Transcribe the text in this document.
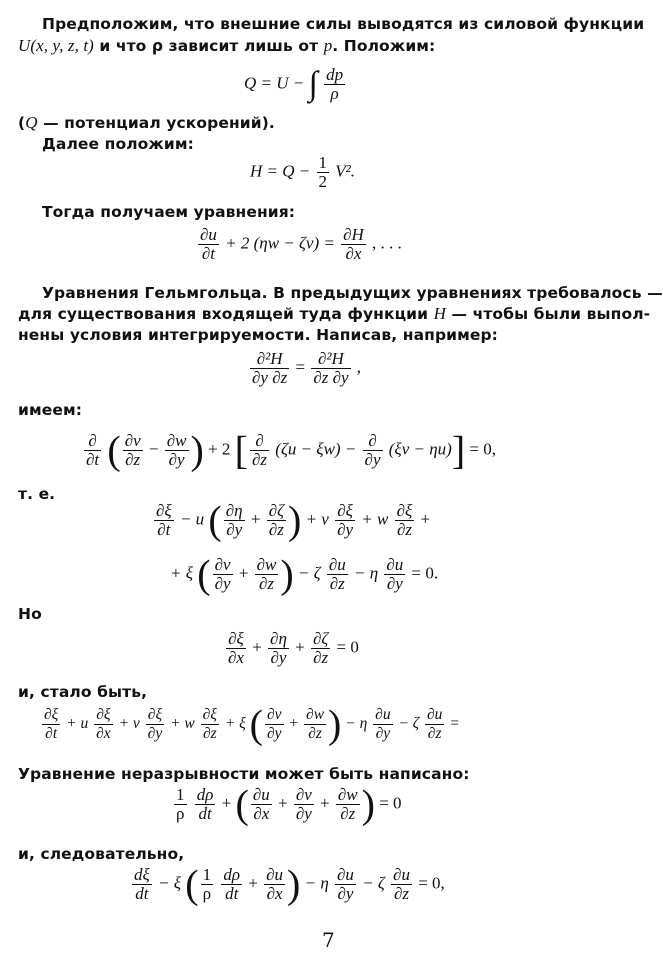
Предположим, что внешние силы выводятся из силовой функции
U(x, y, z, t) и что ρ зависит лишь от p. Положим:
Q = U − ∫ $\frac{dp}{\rho}$
(Q — потенциал ускорений).
Далее положим:
$H = Q - \frac{1}{2} V^2$.
Тогда получаем уравнения:
$\frac{\partial u}{\partial t} + 2$ $(\eta w - \zeta v) = \frac{\partial H}{\partial x}$ , . . .
Уравнения Гельмгольца. В предыдущих уравнениях требовалось —
для существования входящей туда функции H — чтобы были выпол-
нены условия интегрируемости. Написав, например:
$\frac{\text{∂²H}}{\partial y \partial z} = \frac{\text{∂²H}}{\partial z \partial y}$ ,
имеем:
$\frac{\partial}{\partial t}$ ( $\frac{\partial v}{\partial z} - \frac{\partial w}{\partial y}$ ) + 2 [ $\frac{\partial}{\partial z} (\zeta u - \xi w) - \frac{\partial}{\partial y} (\xi v - \eta u)] = 0$,
т. е.
$\frac{\partial\xi}{\partial t} - u$ ( $\frac{\partial\eta}{\partial y} + \frac{\partial\zeta}{\partial z}$ ) + v $\frac{\partial\xi}{\partial y} + w \frac{\partial\xi}{\partial z}$ +
+ ξ ( $\frac{\partial v}{\partial y} + \frac{\partial w}{\partial z}$ ) − ζ $\frac{\partial u}{\partial z} - \eta \frac{\partial u}{\partial y} = 0$.
Но
$\frac{\partial\xi}{\partial x} + \frac{\partial\eta}{\partial y} + \frac{\partial\zeta}{\partial z} = 0$
и, стало быть,
$\frac{\partial\xi}{\partial t} + u \frac{\partial\xi}{\partial x} + v \frac{\partial\xi}{\partial y} + w \frac{\partial\xi}{\partial z} + \xi$ ( $\frac{\partial v}{\partial y} + \frac{\partial w}{\partial z}$ ) − η $\frac{\partial u}{\partial y} - \zeta \frac{\partial u}{\partial z}$ =
Уравнение неразрывности может быть написано:
$\frac{1}{\rho}$
$\frac{d\rho}{dt}$ + ( $\frac{\partial u}{\partial x} + \frac{\partial v}{\partial y} + \frac{\partial w}{\partial z}$ ) = 0
и, следовательно,
$\frac{d\xi}{dt} - \xi$ ( $\frac{1}{\rho}$
$\frac{d\rho}{dt} + \frac{\partial u}{\partial x}$ ) − η $\frac{\partial u}{\partial y} - \zeta \frac{\partial u}{\partial z} = 0$,
7
